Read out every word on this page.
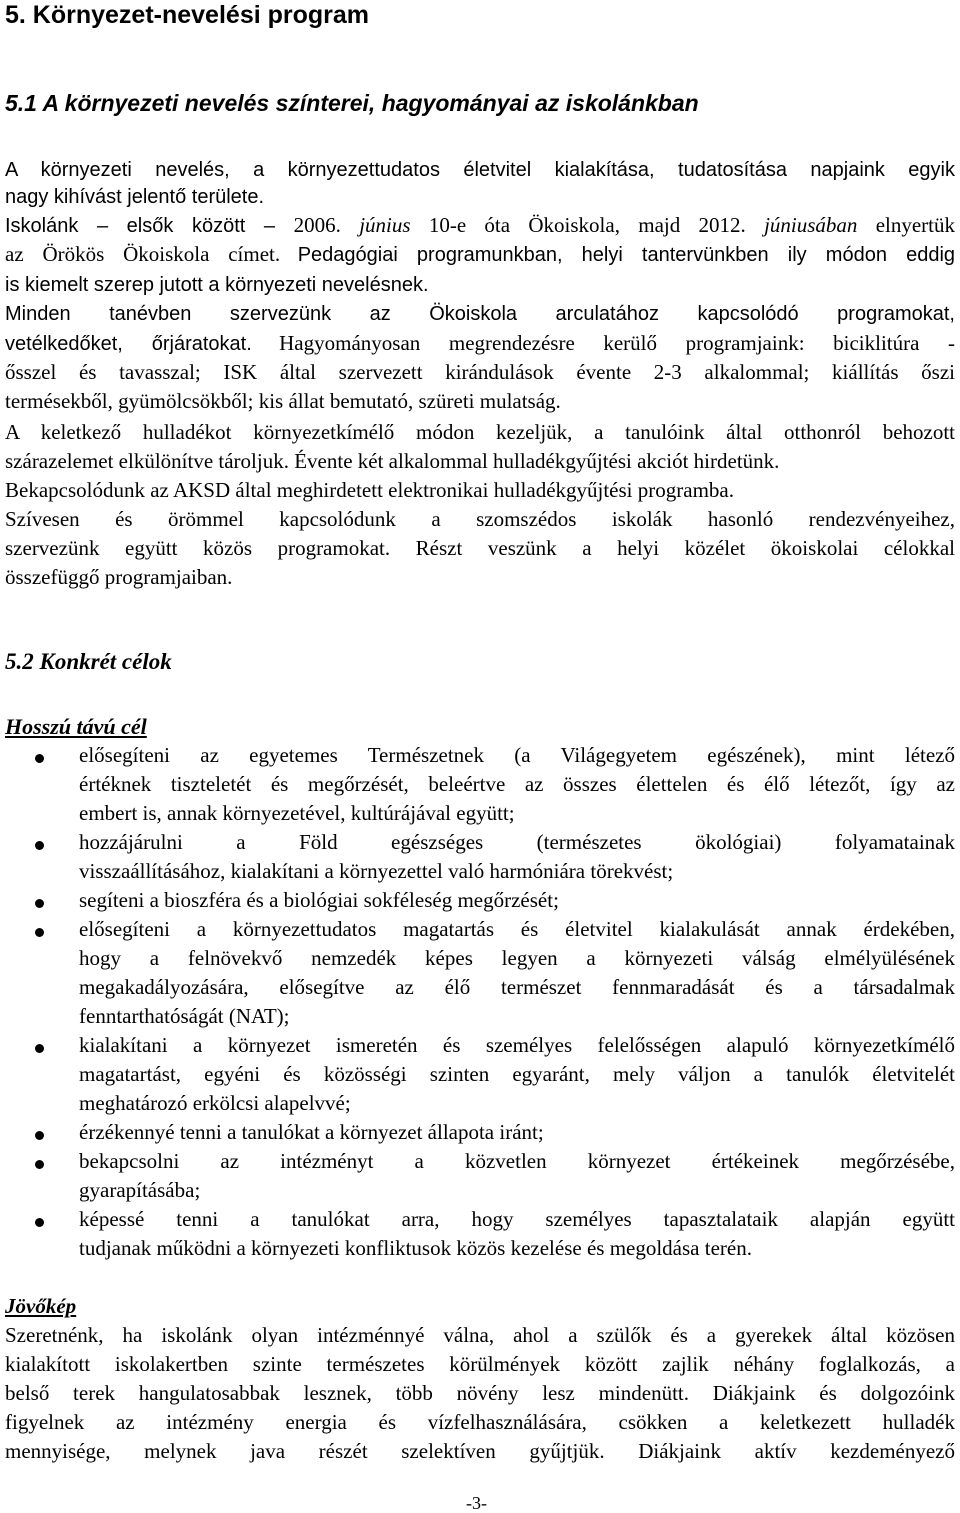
5. Környezet-nevelési program
5.1 A környezeti nevelés színterei, hagyományai az iskolánkban
A környezeti nevelés, a környezettudatos életvitel kialakítása, tudatosítása napjaink egyik
nagy kihívást jelentő területe.
Iskolánk – elsők között – 2006. június 10-e óta Ökoiskola, majd 2012. júniusában elnyertük
az Örökös Ökoiskola címet. Pedagógiai programunkban, helyi tantervünkben ily módon eddig
is kiemelt szerep jutott a környezeti nevelésnek.
Minden tanévben szervezünk az Ökoiskola arculatához kapcsolódó programokat,
vetélkedőket, őrjáratokat. Hagyományosan megrendezésre kerülő programjaink: biciklitúra -
ősszel és tavasszal; ISK által szervezett kirándulások évente 2-3 alkalommal; kiállítás őszi
termésekből, gyümölcsökből; kis állat bemutató, szüreti mulatság.
A keletkező hulladékot környezetkímélő módon kezeljük, a tanulóink által otthonról behozott
szárazelemet elkülönítve tároljuk. Évente két alkalommal hulladékgyűjtési akciót hirdetünk.
Bekapcsolódunk az AKSD által meghirdetett elektronikai hulladékgyűjtési programba.
Szívesen és örömmel kapcsolódunk a szomszédos iskolák hasonló rendezvényeihez,
szervezünk együtt közös programokat. Részt veszünk a helyi közélet ökoiskolai célokkal
összefüggő programjaiban.
5.2 Konkrét célok
Hosszú távú cél
elősegíteni az egyetemes Természetnek (a Világegyetem egészének), mint létező
értéknek tiszteletét és megőrzését, beleértve az összes élettelen és élő létezőt, így az
embert is, annak környezetével, kultúrájával együtt;
hozzájárulni a Föld egészséges (természetes ökológiai) folyamatainak
visszaállításához, kialakítani a környezettel való harmóniára törekvést;
segíteni a bioszféra és a biológiai sokféleség megőrzését;
elősegíteni a környezettudatos magatartás és életvitel kialakulását annak érdekében,
hogy a felnövekvő nemzedék képes legyen a környezeti válság elmélyülésének
megakadályozására, elősegítve az élő természet fennmaradását és a társadalmak
fenntarthatóságát (NAT);
kialakítani a környezet ismeretén és személyes felelősségen alapuló környezetkímélő
magatartást, egyéni és közösségi szinten egyaránt, mely váljon a tanulók életvitelét
meghatározó erkölcsi alapelvvé;
érzékennyé tenni a tanulókat a környezet állapota iránt;
bekapcsolni az intézményt a közvetlen környezet értékeinek megőrzésébe,
gyarapításába;
képessé tenni a tanulókat arra, hogy személyes tapasztalataik alapján együtt
tudjanak működni a környezeti konfliktusok közös kezelése és megoldása terén.
Jövőkép
Szeretnénk, ha iskolánk olyan intézménnyé válna, ahol a szülők és a gyerekek által közösen
kialakított iskolakertben szinte természetes körülmények között zajlik néhány foglalkozás, a
belső terek hangulatosabbak lesznek, több növény lesz mindenütt. Diákjaink és dolgozóink
figyelnek az intézmény energia és vízfelhasználására, csökken a keletkezett hulladék
mennyisége, melynek java részét szelektíven gyűjtjük. Diákjaink aktív kezdeményező
-3-
